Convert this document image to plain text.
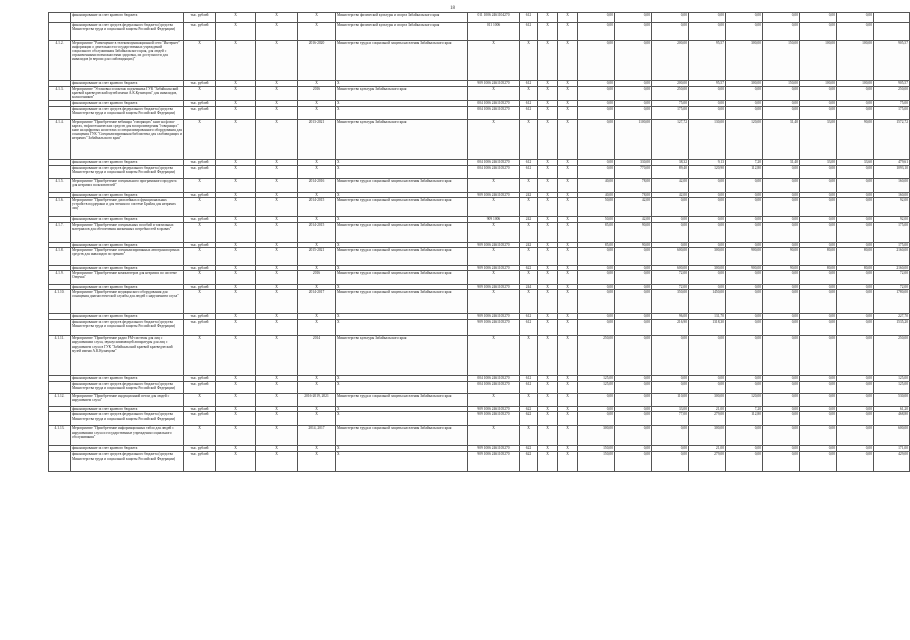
18
	финансирование за счет краевого бюджета	тыс. рублей	Х	Х	Х	Министерство физической культуры и спорта Забайкальского края	011 1006 2461104270	612	Х	Х	0,00	0,00	0,00	0,00	0,00	0,00	0,00	0,00	
	финансирование за счет средств федерального бюджета (средства Министерства труда и социальной защиты Российской Федерации)	тыс. рублей	Х	Х	Х	Министерство физической культуры и спорта Забайкальского края	011 1006	612	Х	Х	0,00	0,00	0,00	0,00	0,00	0,00	0,00	0,00	
4.1.2.	Мероприятие "Размещение в телекоммуникационной сети "Интернет" информации о деятельности государственных учреждений социального обслуживания Забайкальского края, для людей с ограниченными возможностями здоровья, их доступности для инвалидов (в версии для слабовидящих)"	Х	Х	Х	2016-2020	Министерство труда и социальной защиты населения Забайкальского края	Х	Х	Х	Х	0,00	0,00	200,00	95,57	300,00	150,00	100,00	100,00	905,57
	финансирование за счет краевого бюджета	тыс. рублей	Х	Х	Х	Х	909 1006 2461105270	612	Х	Х	0,00	0,00	200,00	95,57	300,00	150,00	100,00	100,00	905,57
4.1.3.	Мероприятие "Установка и монтаж подъемника ГУК "Забайкальский краевой краеведческий музей имени А.К.Кузнецова" для инвалидов, колясочников"	Х	Х	Х	2016	Министерство культуры Забайкальского края	Х	Х	Х	Х	0,00	0,00	250,00	0,00	0,00	0,00	0,00	0,00	250,00
	финансирование за счет краевого бюджета	тыс. рублей	Х	Х	Х	Х	004 1006 2461105270	612	Х	Х	0,00	0,00	75,00	0,00	0,00	0,00	0,00	0,00	75,00
	финансирование за счет средств федерального бюджета (средства Министерства труда и социальной защиты Российской Федерации)	тыс. рублей	Х	Х	Х	Х	004 1006 2461105270	612	Х	Х	0,00	0,00	175,00	0,00	0,00	0,00	0,00	0,00	175,00
4.1.4.	Мероприятие "Приобретение вебинара "говорящих" книг на флэш-картах, тифлотехнических средств для воспроизведения "говорящих" книг на цифровых носителях и специализированного оборудования для оснащения ГУК "Специализированная библиотека для слабовидящих и незрячих" Забайкальского края"	Х	Х	Х	2013-2021	Министерство культуры Забайкальского края	Х	Х	Х	Х	0,00	1100,00	127,72	130,00	120,00	31,40	33,00	90,00	1572,72
	финансирование за счет краевого бюджета	тыс. рублей	Х	Х	Х	Х	004 1006 2461105270	612	Х	Х	0,00	330,00	38,32	9,13	7,20	31,40	33,00	33,60	479,61
	финансирование за счет средств федерального бюджета (средства Министерства труда и социальной защиты Российской Федерации)	тыс. рублей	Х	Х	Х	Х	004 1006 2461105270	612	Х	Х	0,00	770,00	89,40	120,90	112,80	0,00	0,00	0,00	1093,10
4.1.5.	Мероприятие "Приобретение специального программного продукта для незрячих пользователей"	Х	Х	Х	2014-2016	Министерство труда и социальной защиты населения Забайкальского края	Х	Х	Х	Х	40,00	78,00	42,00	0,00	0,00	0,00	0,00	0,00	160,00
	финансирование за счет краевого бюджета	тыс. рублей	Х	Х	Х	Х	909 1006 2461105270	242	Х	Х	40,00	78,00	42,00	0,00	0,00	0,00	0,00	0,00	160,00
4.1.6.	Мероприятие "Приобретение дисплейных и функциональных устройств поддержки и для чтения по системе Брайля для незрячих лиц"	Х	Х	Х	2014-2015	Министерство труда и социальной защиты населения Забайкальского края	Х	Х	Х	Х	50,00	42,00	0,00	0,00	0,00	0,00	0,00	0,00	92,00
	финансирование за счет краевого бюджета	тыс. рублей	Х	Х	Х	Х	909 1006	242	Х	Х	50,00	42,00	0,00	0,00	0,00	0,00	0,00	0,00	92,00
4.1.7.	Мероприятие "Приобретение специальных пособий и тактильных материалов для обеспечения жизненных потребностей в правах"	Х	Х	Х	2014-2015	Министерство труда и социальной защиты населения Забайкальского края	Х	Х	Х	Х	85,00	90,00	0,00	0,00	0,00	0,00	0,00	0,00	175,00
	финансирование за счет краевого бюджета	тыс. рублей	Х	Х	Х	Х	909 1006 2461105270	242	Х	Х	85,00	90,00	0,00	0,00	0,00	0,00	0,00	0,00	175,00
4.1.8.	Мероприятие "Приобретение специализированных автотранспортных средств для инвалидов по зрению"	Х	Х	Х	2015-2021	Министерство труда и социальной защиты населения Забайкальского края	Х	Х	Х	Х	0,00	0,00	600,00	300,00	900,00	90,00	80,00	80,00	2160,00
	финансирование за счет краевого бюджета	тыс. рублей	Х	Х	Х	Х	909 1006 2461105270	622	Х	Х	0,00	0,00	600,00	300,00	900,00	90,00	80,00	80,00	2160,00
4.1.9.	Мероприятие "Приобретение компьютеров для незрячих по системе Озвучка"	Х	Х	Х	2016	Министерство труда и социальной защиты населения Забайкальского края	Х	Х	Х	Х	0,00	0,00	72,00	0,00	0,00	0,00	0,00	0,00	72,00
	финансирование за счет краевого бюджета	тыс. рублей	Х	Х	Х	Х	909 1006 2461105270	244	Х	Х	0,00	0,00	72,00	0,00	0,00	0,00	0,00	0,00	72,00
4.1.10.	Мероприятие "Приобретение медицинского оборудования для оснащения диагностической службы для людей с нарушением слуха"	Х	Х	Х	2014-2017	Министерство труда и социальной защиты населения Забайкальского края	Х	Х	Х	Х	0,00	0,00	350,00	1450,00	0,00	0,00	0,00	0,00	1780,00
	финансирование за счет краевого бюджета	тыс. рублей	Х	Х	Х	Х	909 1006 2461105270	612	Х	Х	0,00	0,00	96,00	131,70	0,00	0,00	0,00	0,00	227,70
	финансирование за счет средств федерального бюджета (средства Министерства труда и социальной защиты Российской Федерации)	тыс. рублей	Х	Х	Х	Х	909 1006 2461105270	612	Х	Х	0,00	0,00	216,90	1318,30	0,00	0,00	0,00	0,00	1535,20
4.1.11.	Мероприятие "Приобретение радио FM-системы для лиц с нарушениями слуха, звукоусиливающей аппаратуры для лиц с нарушением слуха в ГУК "Забайкальский краевой краеведческий музей имени А.К.Кузнецова"	Х	Х	Х	2014	Министерство культуры Забайкальского края	Х	Х	Х	Х	250,00	0,00	0,00	0,00	0,00	0,00	0,00	0,00	250,00
	финансирование за счет краевого бюджета	тыс. рублей	Х	Х	Х	Х	004 1006 2461105270	612	Х	Х	125,00	0,00	0,00	0,00	0,00	0,00	0,00	0,00	125,00
	финансирование за счет средств федерального бюджета (средства Министерства труда и социальной защиты Российской Федерации)	тыс. рублей	Х	Х	Х	Х	004 1006 2461105270	612	Х	Х	125,00	0,00	0,00	0,00	0,00	0,00	0,00	0,00	125,00
4.1.12.	Мероприятие "Приобретение индукционной петли для людей с нарушением слуха"	Х	Х	Х	2016-2019, 2021	Министерство труда и социальной защиты населения Забайкальского края	Х	Х	Х	Х	0,00	0,00	110,00	300,00	120,00	0,00	0,00	0,00	530,00
	финансирование за счет краевого бюджета	тыс. рублей	Х	Х	Х	Х	909 1006 2461105270	622	Х	Х	0,00	0,00	33,00	21,00	7,20	0,00	0,00	0,00	61,20
	финансирование за счет средств федерального бюджета (средства Министерства труда и социальной защиты Российской Федерации)	тыс. рублей	Х	Х	Х	Х	909 1006 2461105270	622	Х	Х	0,00	0,00	77,00	279,00	112,80	0,00	0,00	0,00	468,80
4.1.13.	Мероприятие "Приобретение информационных табло для людей с нарушениями слуха и государственные учреждения социального обслуживания"	Х	Х	Х	2014, 2017	Министерство труда и социальной защиты населения Забайкальского края	Х	Х	Х	Х	300,00	0,00	0,00	300,00	0,00	0,00	0,00	0,00	600,00
	финансирование за счет краевого бюджета	тыс. рублей	Х	Х	Х	Х	909 1006 2461105270	622	Х	Х	150,00	0,00	0,00	21,00	0,00	0,00	0,00	0,00	171,00
	финансирование за счет средств федерального бюджета (средства Министерства труда и социальной защиты Российской Федерации)	тыс. рублей	Х	Х	Х	Х	909 1006 2461105270	622	Х	Х	150,00	0,00	0,00	279,00	0,00	0,00	0,00	0,00	429,00
